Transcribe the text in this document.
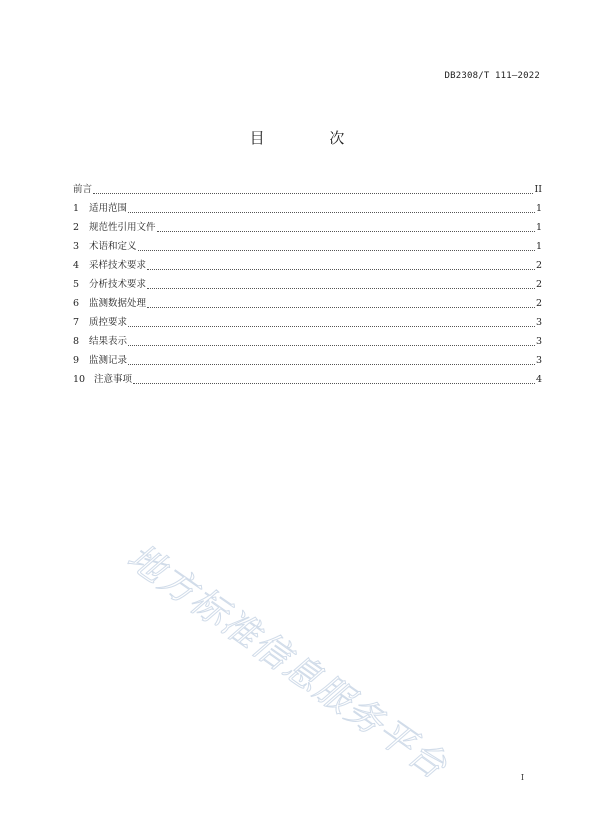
DB2308/T 111—2022
目 次
前言	II
1	适用范围	1
2	规范性引用文件	1
3	术语和定义	1
4	采样技术要求	2
5	分析技术要求	2
6	监测数据处理	2
7	质控要求	3
8	结果表示	3
9	监测记录	3
10 注意事项	4
地方标准信息服务平台	I
